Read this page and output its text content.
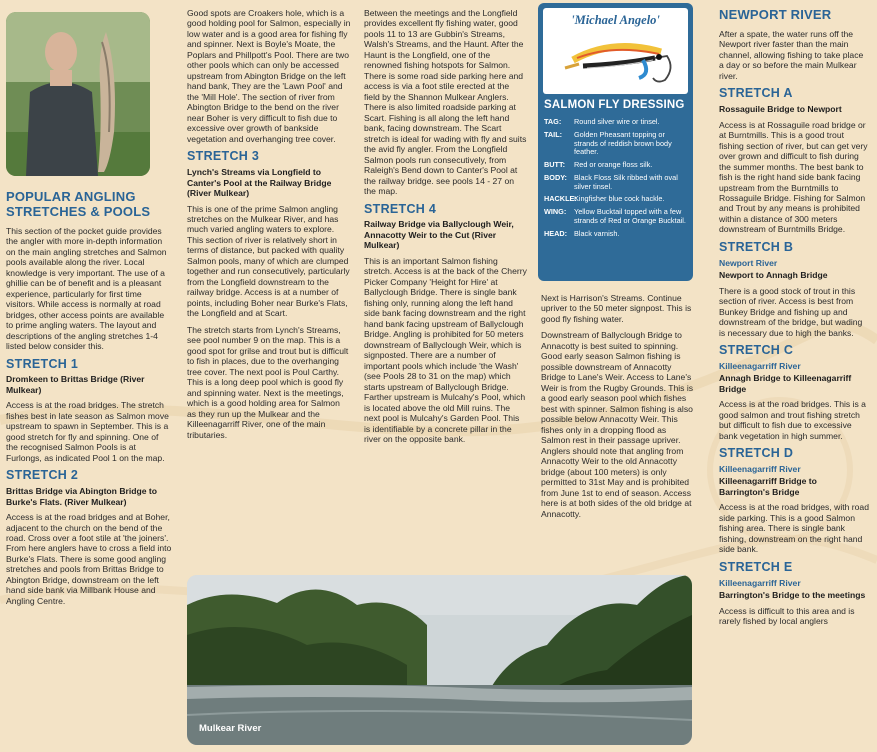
POPULAR ANGLING STRETCHES & POOLS

This section of the pocket guide provides the angler with more in-depth information on the main angling stretches and Salmon pools available along the river. Local knowledge is very important. The use of a ghillie can be of benefit and is a pleasant experience, particularly for first time visitors. While access is normally at road bridges, other access points are available to prime angling waters. The layout and descriptions of the angling stretches 1-4 listed below consider this.

STRETCH 1
Dromkeen to Brittas Bridge (River Mulkear)

Access is at the road bridges. The stretch fishes best in late season as Salmon move upstream to spawn in September. This is a good stretch for fly and spinning. One of the recognised Salmon Pools is at Furlongs, as indicated Pool 1 on the map.

STRETCH 2
Brittas Bridge via Abington Bridge to Burke's Flats. (River Mulkear)

Access is at the road bridges and at Boher, adjacent to the church on the bend of the road. Cross over a foot stile at 'the joiners'. From here anglers have to cross a field into Burke's Flats. There is some good angling stretches and pools from Brittas Bridge to Abington Bridge, downstream on the left hand side bank via Millbank House and Angling Centre.

Good spots are Croakers hole, which is a good holding pool for Salmon, especially in low water and is a good area for fishing fly and spinner. Next is Boyle's Moate, the Poplars and Phillpott's Pool. There are two other pools which can only be accessed upstream from Abington Bridge on the left hand bank, They are the 'Lawn Pool' and the 'Mill Hole'. The section of river from Abington Bridge to the bend on the river near Boher is very difficult to fish due to excessive over growth of bankside vegetation and overhanging tree cover.

STRETCH 3
Lynch's Streams via Longfield to Canter's Pool at the Railway Bridge (River Mulkear)

This is one of the prime Salmon angling stretches on the Mulkear River, and has much varied angling waters to explore. This section of river is relatively short in terms of distance, but packed with quality Salmon pools, many of which are clumped together and run consecutively, particularly from the Longfield downstream to the railway bridge. Access is at a number of points, including Boher near Burke's Flats, the Longfield and at Scart.

The stretch starts from Lynch's Streams, see pool number 9 on the map. This is a good spot for grilse and trout but is difficult to fish in places, due to the overhanging tree cover. The next pool is Poul Carthy. This is a long deep pool which is good fly and spinning water. Next is the meetings, which is a good holding area for Salmon as they run up the Mulkear and the Killeenagarriff River, one of the main tributaries.

Between the meetings and the Longfield provides excellent fly fishing water, good pools 11 to 13 are Gubbin's Streams, Walsh's Streams, and the Haunt. After the Haunt is the Longfield, one of the renowned fishing hotspots for Salmon. There is some road side parking here and access is via a foot stile erected at the field by the Shannon Mulkear Anglers. There is also limited roadside parking at Scart. Fishing is all along the left hand bank, facing downstream. The Scart stretch is ideal for wading with fly and suits the avid fly angler. From the Longfield Salmon pools run consecutively, from Raleigh's Bend down to Canter's Pool at the railway bridge. see pools 14 - 27 on the map.

STRETCH 4
Railway Bridge via Ballyclough Weir, Annacotty Weir to the Cut (River Mulkear)

This is an important Salmon fishing stretch. Access is at the back of the Cherry Picker Company 'Height for Hire' at Ballyclough Bridge. There is single bank fishing only, running along the left hand side bank facing downstream and the right hand bank facing upstream of Ballyclough Bridge. Angling is prohibited for 50 meters downstream of Ballyclough Weir, which is signposted. There are a number of important pools which include 'the Wash' (see Pools 28 to 31 on the map) which starts upstream of Ballyclough Bridge. Farther upstream is Mulcahy's Pool, which is located above the old Mill ruins. The next pool is Mulcahy's Garden Pool. This is identifiable by a concrete pillar in the river on the opposite bank.

'Michael Angelo'
SALMON FLY DRESSING
TAG:	Round silver wire or tinsel.
TAIL:	Golden Pheasant topping or strands of reddish brown body feather.
BUTT:	Red or orange floss silk.
BODY: Black Floss Silk ribbed with oval silver tinsel.
HACKLE:
Kingfisher blue cock hackle.
WING:	Yellow Bucktail topped with a few strands of Red or Orange Bucktail.
HEAD: Black varnish.

Next is Harrison's Streams. Continue upriver to the 50 meter signpost. This is good fly fishing water.

Downstream of Ballyclough Bridge to Annacotty is best suited to spinning. Good early season Salmon fishing is possible downstream of Annacotty Bridge to Lane's Weir. Access to Lane's Weir is from the Rugby Grounds. This is a good early season pool which fishes best with spinner. Salmon fishing is also possible below Annacotty Weir. This fishes only in a dropping flood as Salmon rest in their passage upriver. Anglers should note that angling from Annacotty Weir to the old Annacotty bridge (about 100 meters) is only permitted to 31st May and is prohibited from June 1st to end of season. Access here is at both sides of the old bridge at Annacotty.

NEWPORT RIVER

After a spate, the water runs off the Newport river faster than the main channel, allowing fishing to take place a day or so before the main Mulkear river.

STRETCH A
Rossaguile Bridge to Newport

Access is at Rossaguile road bridge or at Burntmills. This is a good trout fishing section of river, but can get very over grown and difficult to fish during the summer months. The best bank to fish is the right hand side bank facing upstream from the Burntmills to Rossaguile Bridge. Fishing for Salmon and Trout by any means is prohibited within a distance of 300 meters downstream of Burntmills Bridge.

STRETCH B
Newport River
Newport to Annagh Bridge

There is a good stock of trout in this section of river. Access is best from Bunkey Bridge and fishing up and downstream of the bridge, but wading is necessary due to high the banks.

STRETCH C
Killeenagarriff River
Annagh Bridge to Killeenagarriff Bridge

Access is at the road bridges. This is a good salmon and trout fishing stretch but difficult to fish due to excessive bank vegetation in high summer.

STRETCH D
Killeenagarriff River
Killeenagarriff Bridge to Barrington's Bridge

Access is at the road bridges, with road side parking. This is a good Salmon fishing area. There is single bank fishing, downstream on the right hand side bank.

STRETCH E
Killeenagarriff River
Barrington's Bridge to the meetings

Access is difficult to this area and is rarely fished by local anglers

Mulkear River
